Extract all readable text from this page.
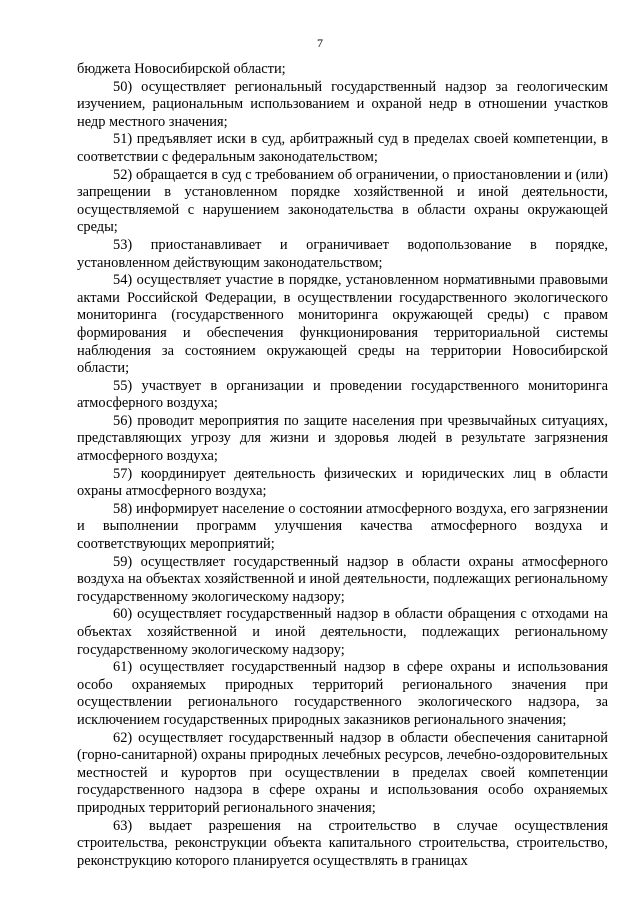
7

бюджета Новосибирской области;

50) осуществляет региональный государственный надзор за геологическим изучением, рациональным использованием и охраной недр в отношении участков недр местного значения;

51) предъявляет иски в суд, арбитражный суд в пределах своей компетенции, в соответствии с федеральным законодательством;

52) обращается в суд с требованием об ограничении, о приостановлении и (или) запрещении в установленном порядке хозяйственной и иной деятельности, осуществляемой с нарушением законодательства в области охраны окружающей среды;

53) приостанавливает и ограничивает водопользование в порядке, установленном действующим законодательством;

54) осуществляет участие в порядке, установленном нормативными правовыми актами Российской Федерации, в осуществлении государственного экологического мониторинга (государственного мониторинга окружающей среды) с правом формирования и обеспечения функционирования территориальной системы наблюдения за состоянием окружающей среды на территории Новосибирской области;

55) участвует в организации и проведении государственного мониторинга атмосферного воздуха;

56) проводит мероприятия по защите населения при чрезвычайных ситуациях, представляющих угрозу для жизни и здоровья людей в результате загрязнения атмосферного воздуха;

57) координирует деятельность физических и юридических лиц в области охраны атмосферного воздуха;

58) информирует население о состоянии атмосферного воздуха, его загрязнении и выполнении программ улучшения качества атмосферного воздуха и соответствующих мероприятий;

59) осуществляет государственный надзор в области охраны атмосферного воздуха на объектах хозяйственной и иной деятельности, подлежащих региональному государственному экологическому надзору;

60) осуществляет государственный надзор в области обращения с отходами на объектах хозяйственной и иной деятельности, подлежащих региональному государственному экологическому надзору;

61) осуществляет государственный надзор в сфере охраны и использования особо охраняемых природных территорий регионального значения при осуществлении регионального государственного экологического надзора, за исключением государственных природных заказников регионального значения;

62) осуществляет государственный надзор в области обеспечения санитарной (горно-санитарной) охраны природных лечебных ресурсов, лечебно-оздоровительных местностей и курортов при осуществлении в пределах своей компетенции государственного надзора в сфере охраны и использования особо охраняемых природных территорий регионального значения;

63) выдает разрешения на строительство в случае осуществления строительства, реконструкции объекта капитального строительства, строительство, реконструкцию которого планируется осуществлять в границах
